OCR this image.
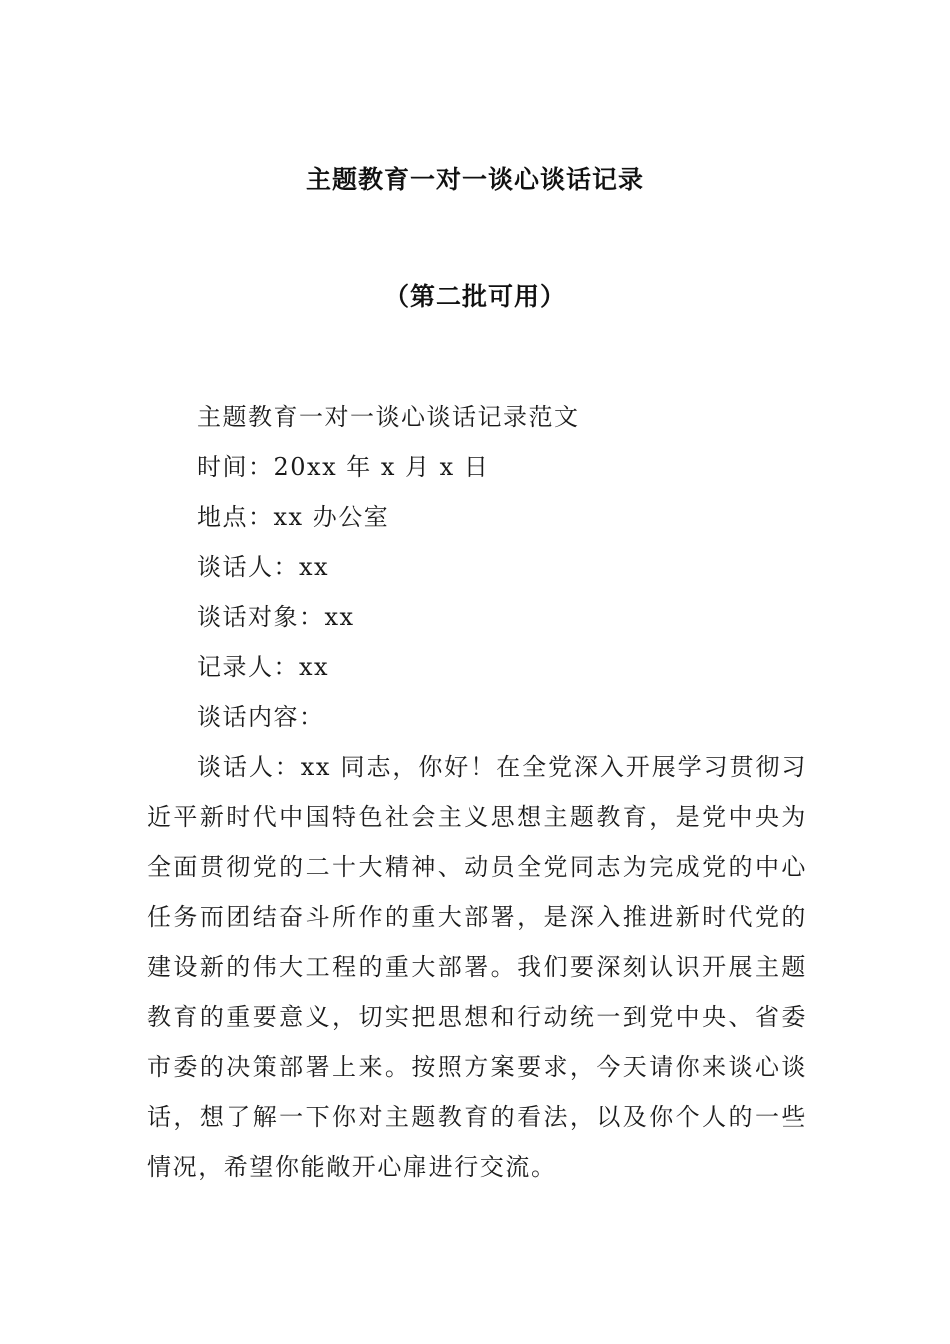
主题教育一对一谈心谈话记录
（第二批可用）
主题教育一对一谈心谈话记录范文
时间：20xx 年 x 月 x 日
地点：xx 办公室
谈话人：xx
谈话对象：xx
记录人：xx
谈话内容：
谈话人：xx 同志，你好！在全党深入开展学习贯彻习近平新时代中国特色社会主义思想主题教育，是党中央为全面贯彻党的二十大精神、动员全党同志为完成党的中心任务而团结奋斗所作的重大部署，是深入推进新时代党的建设新的伟大工程的重大部署。我们要深刻认识开展主题教育的重要意义，切实把思想和行动统一到党中央、省委市委的决策部署上来。按照方案要求，今天请你来谈心谈话，想了解一下你对主题教育的看法，以及你个人的一些情况，希望你能敞开心扉进行交流。
